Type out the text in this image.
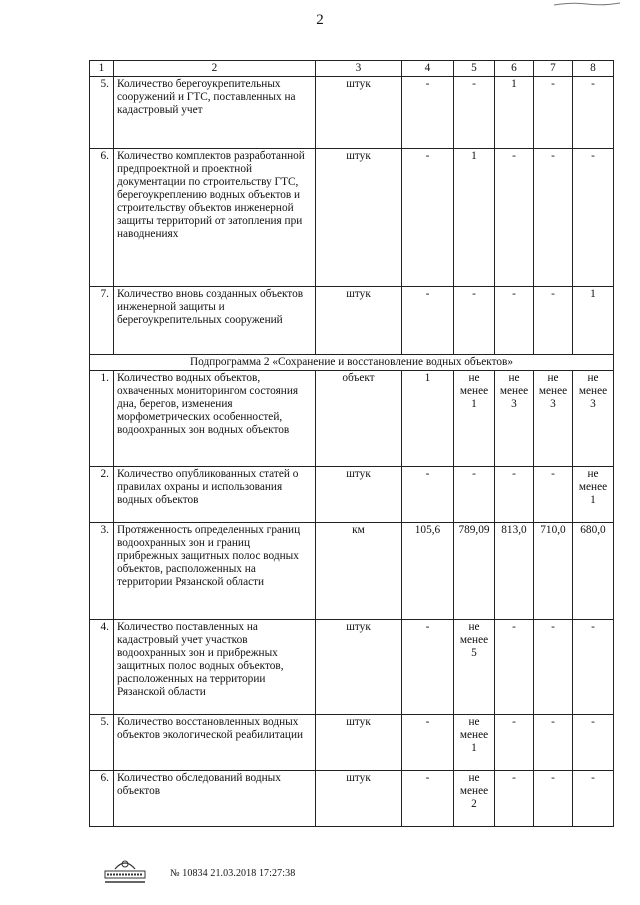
2
1	2	3	4	5	6	7	8
5.	Количество берегоукрепительных сооружений и ГТС, поставленных на кадастровый учет	штук	-	-	1	-	-
6.	Количество комплектов разработанной предпроектной и проектной документации по строительству ГТС, берегоукреплению водных объектов и строительству объектов инженерной защиты территорий от затопления при наводнениях	штук	-	1	-	-	-
7.	Количество вновь созданных объектов инженерной защиты и берегоукрепительных сооружений	штук	-	-	-	-	1
Подпрограмма 2 «Сохранение и восстановление водных объектов»							
1.	Количество водных объектов, охваченных мониторингом состояния дна, берегов, изменения морфометрических особенностей, водоохранных зон водных объектов	объект	1	не менее 1	не менее 3	не менее 3	не менее 3
2.	Количество опубликованных статей о правилах охраны и использования водных объектов	штук	-	-	-	-	не менее 1
3.	Протяженность определенных границ водоохранных зон и границ прибрежных защитных полос водных объектов, расположенных на территории Рязанской области	км	105,6	789,09	813,0	710,0	680,0
4.	Количество поставленных на кадастровый учет участков водоохранных зон и прибрежных защитных полос водных объектов, расположенных на территории Рязанской области	штук	-	не менее 5	-	-	-
5.	Количество восстановленных водных объектов экологической реабилитации	штук	-	не менее 1	-	-	-
6.	Количество обследований водных объектов	штук	-	не менее 2	-	-	-
№ 10834 21.03.2018 17:27:38
